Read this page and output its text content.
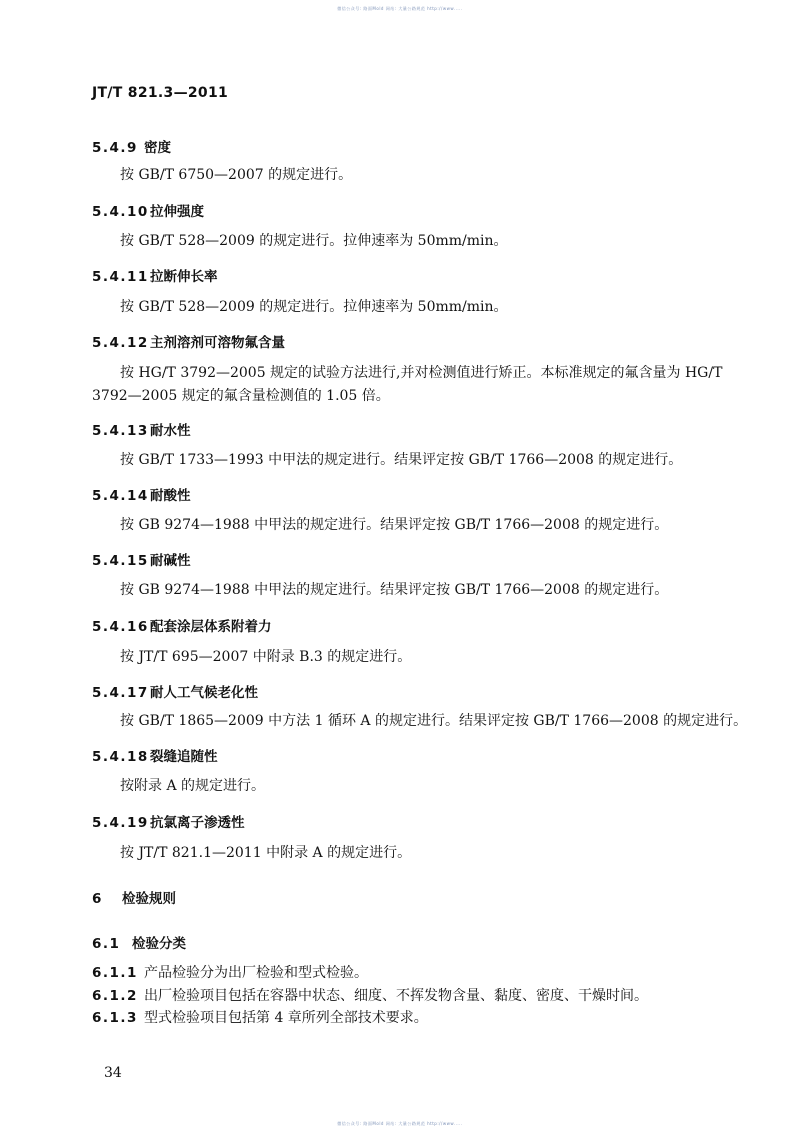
微信公众号: 路面Mold 网站: 大量公路规范 http://www.....
JT/T 821.3—2011
5.4.9 密度
按 GB/T 6750—2007 的规定进行。
5.4.10拉伸强度
按 GB/T 528—2009 的规定进行。拉伸速率为 50mm/min。
5.4.11拉断伸长率
按 GB/T 528—2009 的规定进行。拉伸速率为 50mm/min。
5.4.12主剂溶剂可溶物氟含量
按 HG/T 3792—2005 规定的试验方法进行,并对检测值进行矫正。本标准规定的氟含量为 HG/T
3792—2005 规定的氟含量检测值的 1.05 倍。
5.4.13耐水性
按 GB/T 1733—1993 中甲法的规定进行。结果评定按 GB/T 1766—2008 的规定进行。
5.4.14耐酸性
按 GB 9274—1988 中甲法的规定进行。结果评定按 GB/T 1766—2008 的规定进行。
5.4.15耐碱性
按 GB 9274—1988 中甲法的规定进行。结果评定按 GB/T 1766—2008 的规定进行。
5.4.16配套涂层体系附着力
按 JT/T 695—2007 中附录 B.3 的规定进行。
5.4.17耐人工气候老化性
按 GB/T 1865—2009 中方法 1 循环 A 的规定进行。结果评定按 GB/T 1766—2008 的规定进行。
5.4.18裂缝追随性
按附录 A 的规定进行。
5.4.19抗氯离子渗透性
按 JT/T 821.1—2011 中附录 A 的规定进行。
6 检验规则
6.1 检验分类
6.1.1 产品检验分为出厂检验和型式检验。
6.1.2 出厂检验项目包括在容器中状态、细度、不挥发物含量、黏度、密度、干燥时间。
6.1.3 型式检验项目包括第 4 章所列全部技术要求。
34
微信公众号: 路面Mold 网站: 大量公路规范 http://www.....
